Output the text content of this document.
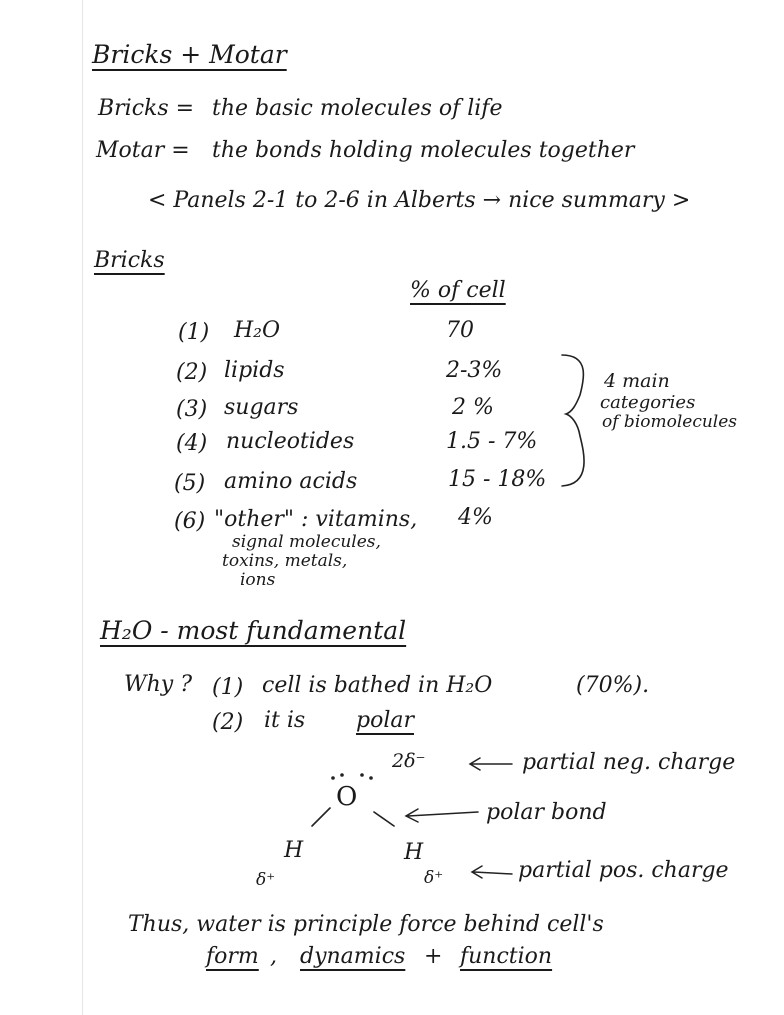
Bricks + Motar
Bricks = the basic molecules of life
Motar = the bonds holding molecules together
< Panels 2-1 to 2-6 in Alberts → nice summary >
Bricks
% of cell
(1) H₂O	70
(2) lipids	2-3%
(3) sugars	2 %
(4) nucleotides	1.5 - 7%
(5) amino acids	15 - 18%
(6) "other" : vitamins, 4%
signal molecules,
toxins, metals,
ions
4 main
categories
of biomolecules
H₂O - most fundamental
Why ? (1) cell is bathed in H₂O	(70%).
(2) it is polar
2δ⁻
O
H	H
δ⁺	δ⁺
partial neg. charge
polar bond
partial pos. charge
Thus, water is principle force behind cell's
form , dynamics + function
